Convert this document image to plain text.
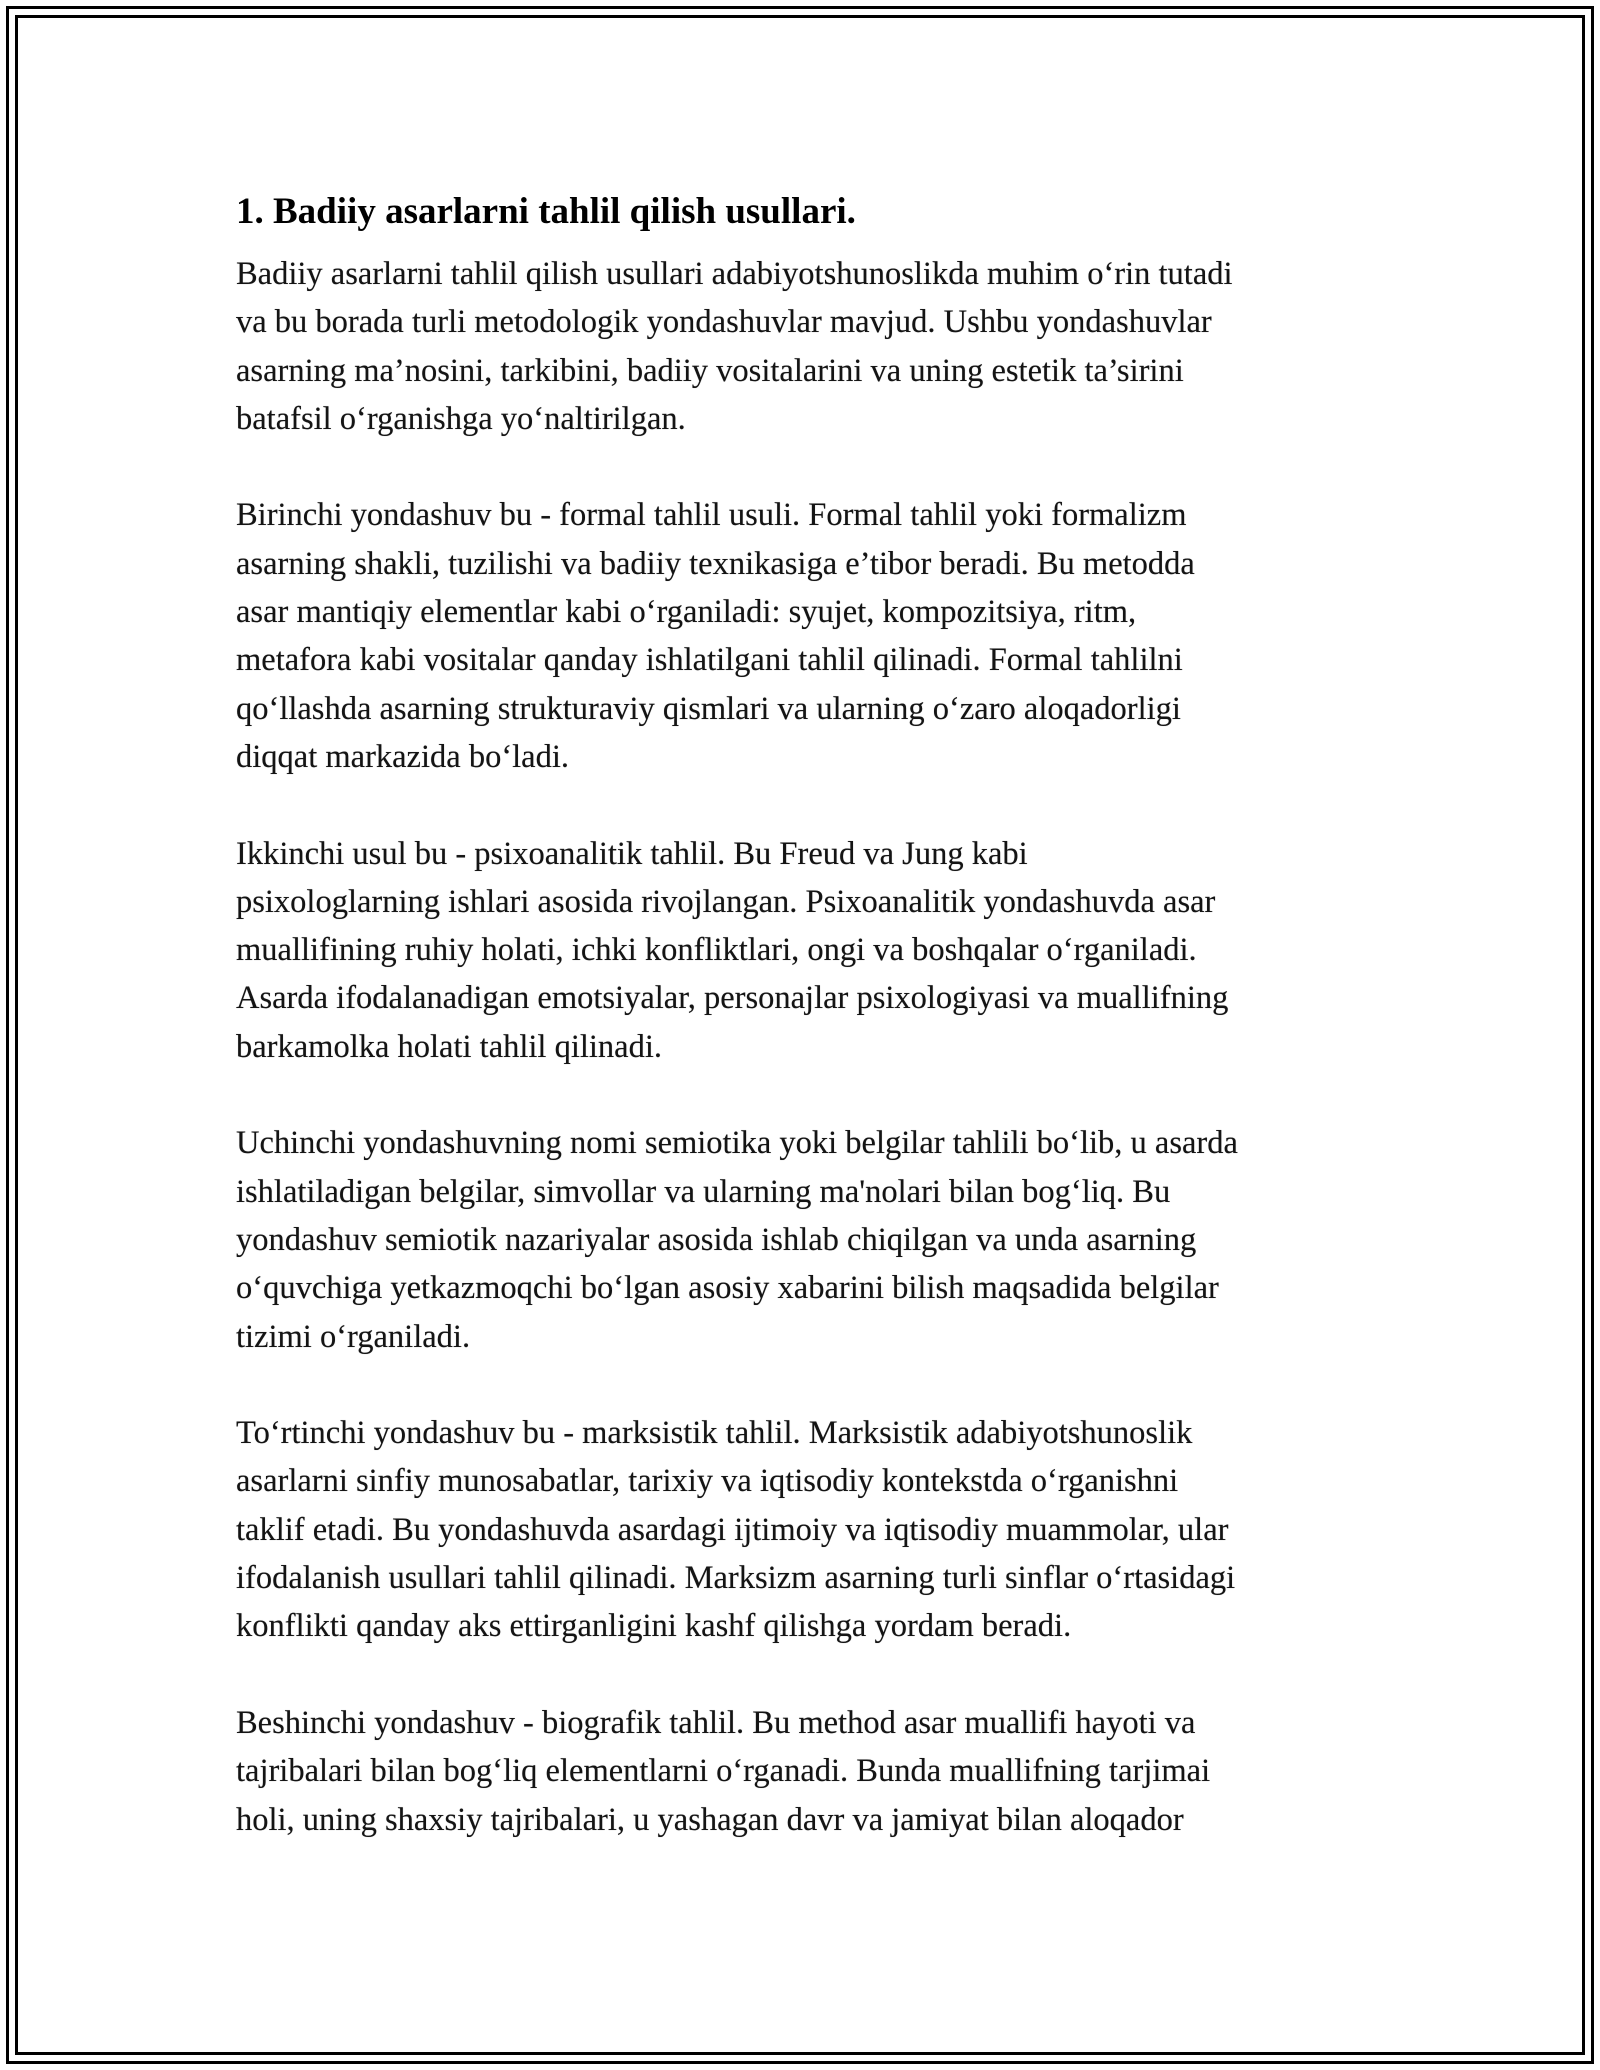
1. Badiiy asarlarni tahlil qilish usullari.
Badiiy asarlarni tahlil qilish usullari adabiyotshunoslikda muhim o‘rin tutadi
va bu borada turli metodologik yondashuvlar mavjud. Ushbu yondashuvlar
asarning ma’nosini, tarkibini, badiiy vositalarini va uning estetik ta’sirini
batafsil o‘rganishga yo‘naltirilgan.
Birinchi yondashuv bu - formal tahlil usuli. Formal tahlil yoki formalizm
asarning shakli, tuzilishi va badiiy texnikasiga e’tibor beradi. Bu metodda
asar mantiqiy elementlar kabi o‘rganiladi: syujet, kompozitsiya, ritm,
metafora kabi vositalar qanday ishlatilgani tahlil qilinadi. Formal tahlilni
qo‘llashda asarning strukturaviy qismlari va ularning o‘zaro aloqadorligi
diqqat markazida bo‘ladi.
Ikkinchi usul bu - psixoanalitik tahlil. Bu Freud va Jung kabi
psixologlarning ishlari asosida rivojlangan. Psixoanalitik yondashuvda asar
muallifining ruhiy holati, ichki konfliktlari, ongi va boshqalar o‘rganiladi.
Asarda ifodalanadigan emotsiyalar, personajlar psixologiyasi va muallifning
barkamolka holati tahlil qilinadi.
Uchinchi yondashuvning nomi semiotika yoki belgilar tahlili bo‘lib, u asarda
ishlatiladigan belgilar, simvollar va ularning ma'nolari bilan bog‘liq. Bu
yondashuv semiotik nazariyalar asosida ishlab chiqilgan va unda asarning
o‘quvchiga yetkazmoqchi bo‘lgan asosiy xabarini bilish maqsadida belgilar
tizimi o‘rganiladi.
To‘rtinchi yondashuv bu - marksistik tahlil. Marksistik adabiyotshunoslik
asarlarni sinfiy munosabatlar, tarixiy va iqtisodiy kontekstda o‘rganishni
taklif etadi. Bu yondashuvda asardagi ijtimoiy va iqtisodiy muammolar, ular
ifodalanish usullari tahlil qilinadi. Marksizm asarning turli sinflar o‘rtasidagi
konflikti qanday aks ettirganligini kashf qilishga yordam beradi.
Beshinchi yondashuv - biografik tahlil. Bu method asar muallifi hayoti va
tajribalari bilan bog‘liq elementlarni o‘rganadi. Bunda muallifning tarjimai
holi, uning shaxsiy tajribalari, u yashagan davr va jamiyat bilan aloqador
